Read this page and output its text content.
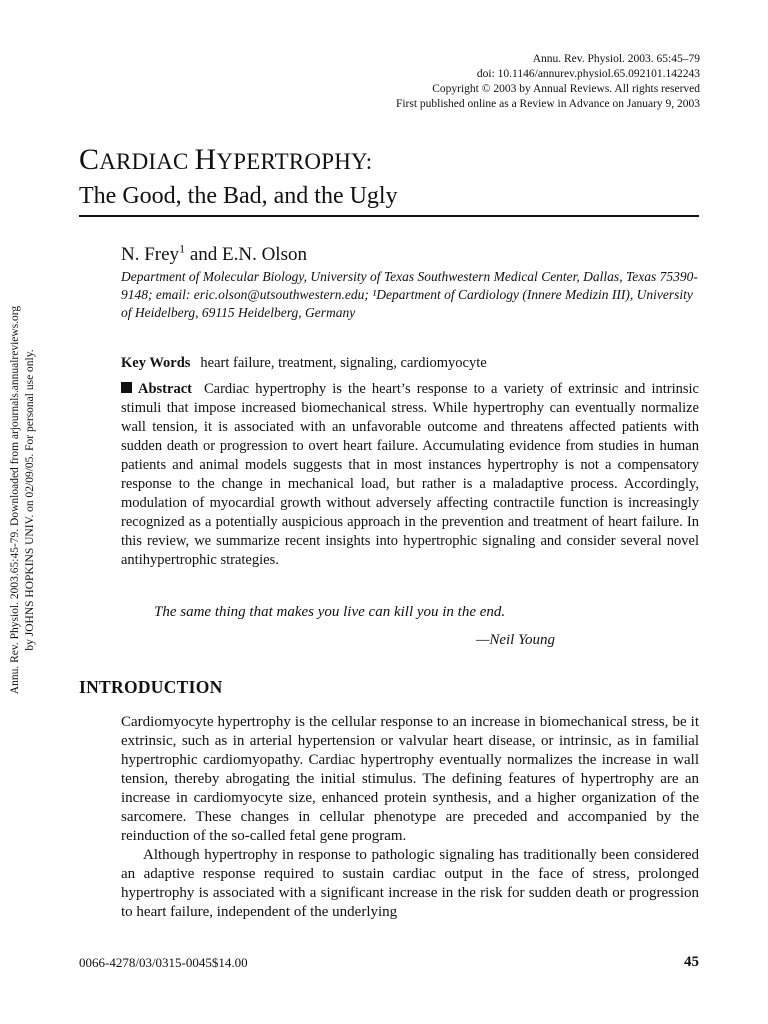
Annu. Rev. Physiol. 2003. 65:45–79
doi: 10.1146/annurev.physiol.65.092101.142243
Copyright © 2003 by Annual Reviews. All rights reserved
First published online as a Review in Advance on January 9, 2003
Annu. Rev. Physiol. 2003.65:45-79. Downloaded from arjournals.annualreviews.org by JOHNS HOPKINS UNIV. on 02/09/05. For personal use only.
CARDIAC HYPERTROPHY:
The Good, the Bad, and the Ugly
N. Frey$^1$ and E.N. Olson
Department of Molecular Biology, University of Texas Southwestern Medical Center, Dallas, Texas 75390-9148; email: eric.olson@utsouthwestern.edu; ¹Department of Cardiology (Innere Medizin III), University of Heidelberg, 69115 Heidelberg, Germany
Key Words heart failure, treatment, signaling, cardiomyocyte
Abstract Cardiac hypertrophy is the heart’s response to a variety of extrinsic and intrinsic stimuli that impose increased biomechanical stress. While hypertrophy can eventually normalize wall tension, it is associated with an unfavorable outcome and threatens affected patients with sudden death or progression to overt heart failure. Accumulating evidence from studies in human patients and animal models suggests that in most instances hypertrophy is not a compensatory response to the change in mechanical load, but rather is a maladaptive process. Accordingly, modulation of myocardial growth without adversely affecting contractile function is increasingly recognized as a potentially auspicious approach in the prevention and treatment of heart failure. In this review, we summarize recent insights into hypertrophic signaling and consider several novel antihypertrophic strategies.
The same thing that makes you live can kill you in the end.
—Neil Young
INTRODUCTION

Cardiomyocyte hypertrophy is the cellular response to an increase in biomechanical stress, be it extrinsic, such as in arterial hypertension or valvular heart disease, or intrinsic, as in familial hypertrophic cardiomyopathy. Cardiac hypertrophy eventually normalizes the increase in wall tension, thereby abrogating the initial stimulus. The defining features of hypertrophy are an increase in cardiomyocyte size, enhanced protein synthesis, and a higher organization of the sarcomere. These changes in cellular phenotype are preceded and accompanied by the reinduction of the so-called fetal gene program.

Although hypertrophy in response to pathologic signaling has traditionally been considered an adaptive response required to sustain cardiac output in the face of stress, prolonged hypertrophy is associated with a significant increase in the risk for sudden death or progression to heart failure, independent of the underlying

0066-4278/03/0315-0045$14.00	45
